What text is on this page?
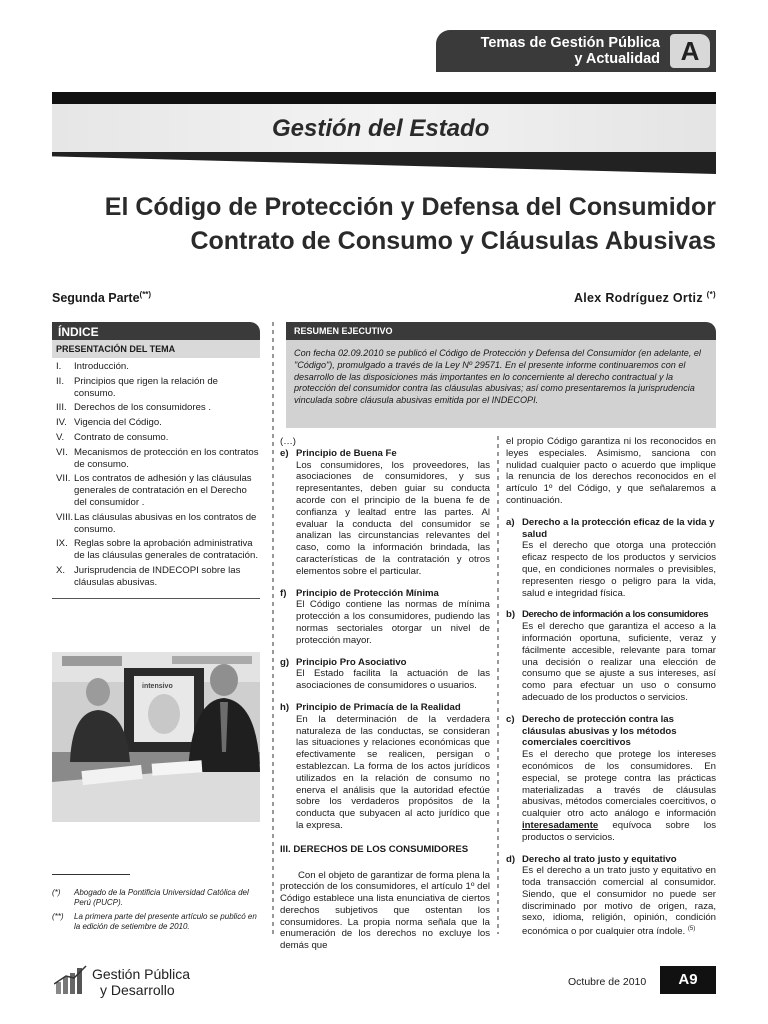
Temas de Gestión Pública
y Actualidad A
Gestión del Estado
El Código de Protección y Defensa del Consumidor
Contrato de Consumo y Cláusulas Abusivas
Segunda Parte(**)	Alex Rodríguez Ortiz (*)
ÍNDICE
PRESENTACIÓN DEL TEMA
I.	Introducción.
II.	Principios que rigen la relación de consumo.
III. Derechos de los consumidores .
IV. Vigencia del Código.
V.	Contrato de consumo.
VI. Mecanismos de protección en los contratos de consumo.
VII. Los contratos de adhesión y las cláusulas generales de contratación en el Derecho del consumidor .
VIII. Las cláusulas abusivas en los contratos de consumo.
IX. Reglas sobre la aprobación administrativa de las cláusulas generales de contratación.
X. Jurisprudencia de INDECOPI sobre las cláusulas abusivas.
intensivo
(*)	Abogado de la Pontificia Universidad Católica del Perú (PUCP).
(**)	La primera parte del presente artículo se publicó en la edición de setiembre de 2010.
RESUMEN EJECUTIVO
Con fecha 02.09.2010 se publicó el Código de Protección y Defensa del Consumidor (en adelante, el "Código"), promulgado a través de la Ley Nº 29571. En el presente informe continuaremos con el desarrollo de las disposiciones más importantes en lo concerniente al derecho contractual y la protección del consumidor contra las cláusulas abusivas; así como presentaremos la jurisprudencia vinculada sobre cláusula abusivas emitida por el INDECOPI.
(…)
e) Principio de Buena Fe
Los consumidores, los proveedores, las asociaciones de consumidores, y sus representantes, deben guiar su conducta acorde con el principio de la buena fe de confianza y lealtad entre las partes. Al evaluar la conducta del consumidor se analizan las circunstancias relevantes del caso, como la información brindada, las características de la contratación y otros elementos sobre el particular.
f)	Principio de Protección Mínima
El Código contiene las normas de mínima protección a los consumidores, pudiendo las normas sectoriales otorgar un nivel de protección mayor.
g) Principio Pro Asociativo
El Estado facilita la actuación de las asociaciones de consumidores o usuarios.
h) Principio de Primacía de la Realidad
En la determinación de la verdadera naturaleza de las conductas, se consideran las situaciones y relaciones económicas que efectivamente se realicen, persigan o establezcan. La forma de los actos jurídicos utilizados en la relación de consumo no enerva el análisis que la autoridad efectúe sobre los verdaderos propósitos de la conducta que subyacen al acto jurídico que la expresa.
III. DERECHOS DE LOS CONSUMIDORES

Con el objeto de garantizar de forma plena la protección de los consumidores, el artículo 1º del Código establece una lista enunciativa de ciertos derechos subjetivos que ostentan los consumidores. La propia norma señala que la enumeración de los derechos no excluye los demás que

el propio Código garantiza ni los reconocidos en leyes especiales. Asimismo, sanciona con nulidad cualquier pacto o acuerdo que implique la renuncia de los derechos reconocidos en el artículo 1º del Código, y que señalaremos a continuación.

a) Derecho a la protección eficaz de la vida y salud
Es el derecho que otorga una protección eficaz respecto de los productos y servicios que, en condiciones normales o previsibles, representen riesgo o peligro para la vida, salud e integridad física.
b) Derecho de información a los consumidores
Es el derecho que garantiza el acceso a la información oportuna, suficiente, veraz y fácilmente accesible, relevante para tomar una decisión o realizar una elección de consumo que se ajuste a sus intereses, así como para efectuar un uso o consumo adecuado de los productos o servicios.
c) Derecho de protección contra las cláusulas abusivas y los métodos comerciales coercitivos
Es el derecho que protege los intereses económicos de los consumidores. En especial, se protege contra las prácticas materializadas a través de cláusulas abusivas, métodos comerciales coercitivos, o cualquier otro acto análogo e información interesadamente equívoca sobre los productos o servicios.
d) Derecho al trato justo y equitativo
Es el derecho a un trato justo y equitativo en toda transacción comercial al consumidor. Siendo, que el consumidor no puede ser discriminado por motivo de origen, raza, sexo, idioma, religión, opinión, condición económica o por cualquier otra índole. $^{(5)}$
Gestión Pública
y Desarrollo	Octubre de 2010	A9
